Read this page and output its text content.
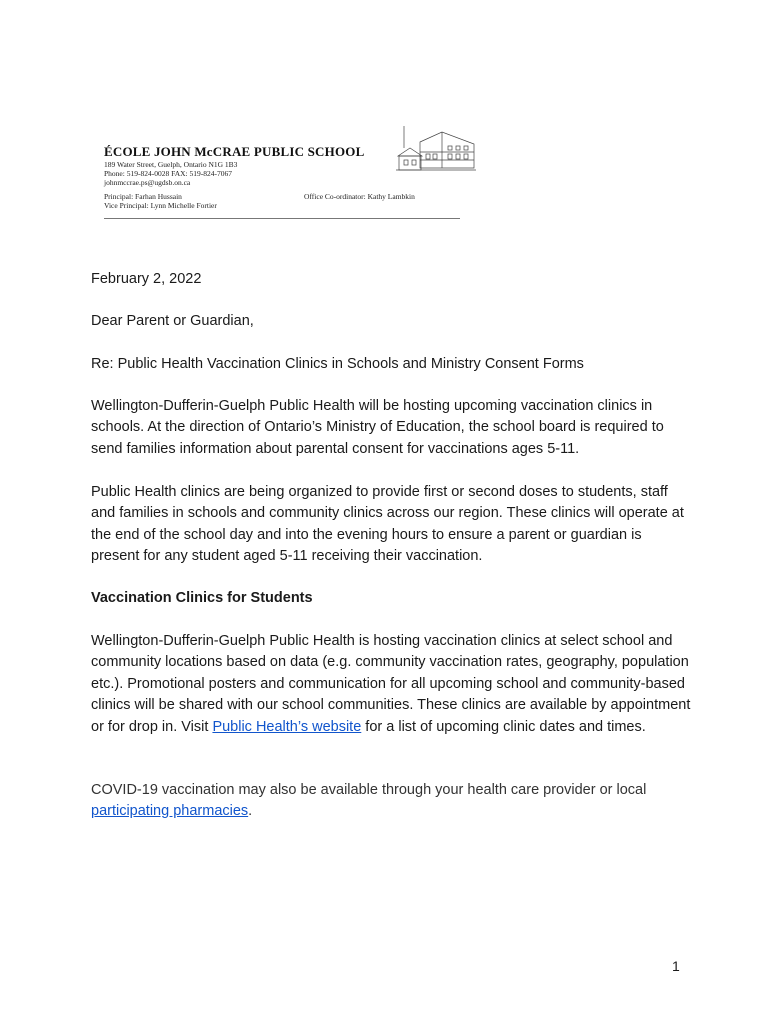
ÉCOLE JOHN McCRAE PUBLIC SCHOOL

189 Water Street, Guelph, Ontario N1G 1B3
Phone: 519-824-0028 FAX: 519-824-7067
johnmccrae.ps@ugdsb.on.ca
Principal: Farhan Hussain
Vice Principal: Lynn Michelle Fortier
Office Co-ordinator: Kathy Lambkin

February 2, 2022

Dear Parent or Guardian,

Re: Public Health Vaccination Clinics in Schools and Ministry Consent Forms

Wellington-Dufferin-Guelph Public Health will be hosting upcoming vaccination clinics in schools. At the direction of Ontario’s Ministry of Education, the school board is required to send families information about parental consent for vaccinations ages 5-11.

Public Health clinics are being organized to provide first or second doses to students, staff and families in schools and community clinics across our region. These clinics will operate at the end of the school day and into the evening hours to ensure a parent or guardian is present for any student aged 5-11 receiving their vaccination.

Vaccination Clinics for Students

Wellington-Dufferin-Guelph Public Health is hosting vaccination clinics at select school and community locations based on data (e.g. community vaccination rates, geography, population etc.). Promotional posters and communication for all upcoming school and community-based clinics will be shared with our school communities. These clinics are available by appointment or for drop in. Visit Public Health’s website for a list of upcoming clinic dates and times.

COVID-19 vaccination may also be available through your health care provider or local participating pharmacies.

1
